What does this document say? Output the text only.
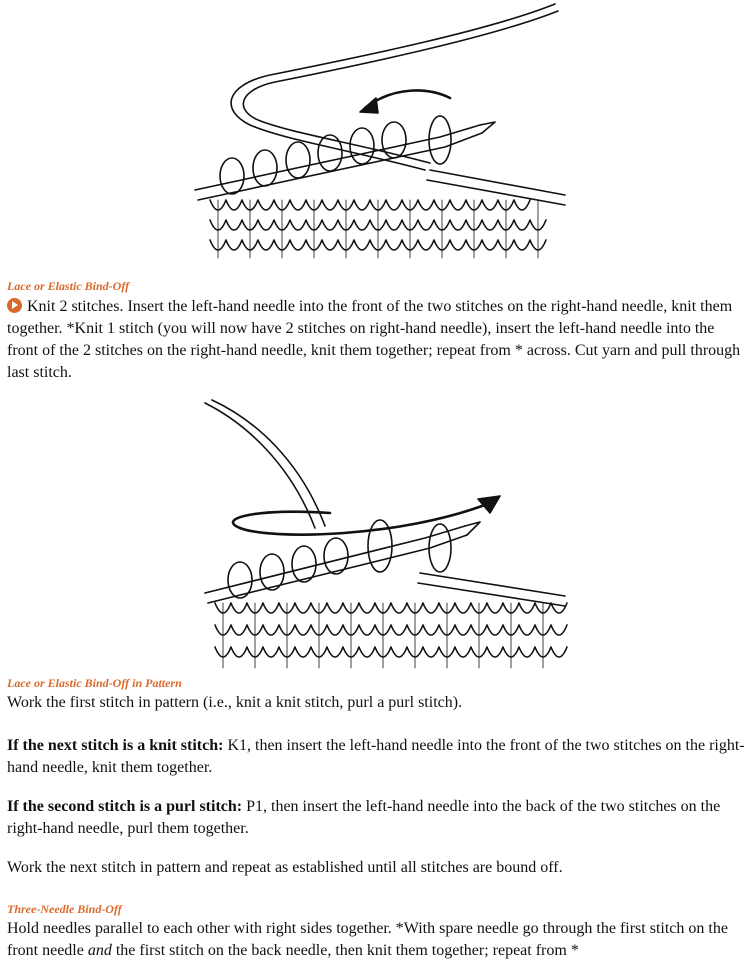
Lace or Elastic Bind-Off

Knit 2 stitches. Insert the left-hand needle into the front of the two stitches on the right-hand needle, knit them together. *Knit 1 stitch (you will now have 2 stitches on right-hand needle), insert the left-hand needle into the front of the 2 stitches on the right-hand needle, knit them together; repeat from * across. Cut yarn and pull through last stitch.

Lace or Elastic Bind-Off in Pattern

Work the first stitch in pattern (i.e., knit a knit stitch, purl a purl stitch).

If the next stitch is a knit stitch: K1, then insert the left-hand needle into the front of the two stitches on the right-hand needle, knit them together.

If the second stitch is a purl stitch: P1, then insert the left-hand needle into the back of the two stitches on the right-hand needle, purl them together.

Work the next stitch in pattern and repeat as established until all stitches are bound off.

Three-Needle Bind-Off

Hold needles parallel to each other with right sides together. *With spare needle go through the first stitch on the front needle and the first stitch on the back needle, then knit them together; repeat from *
